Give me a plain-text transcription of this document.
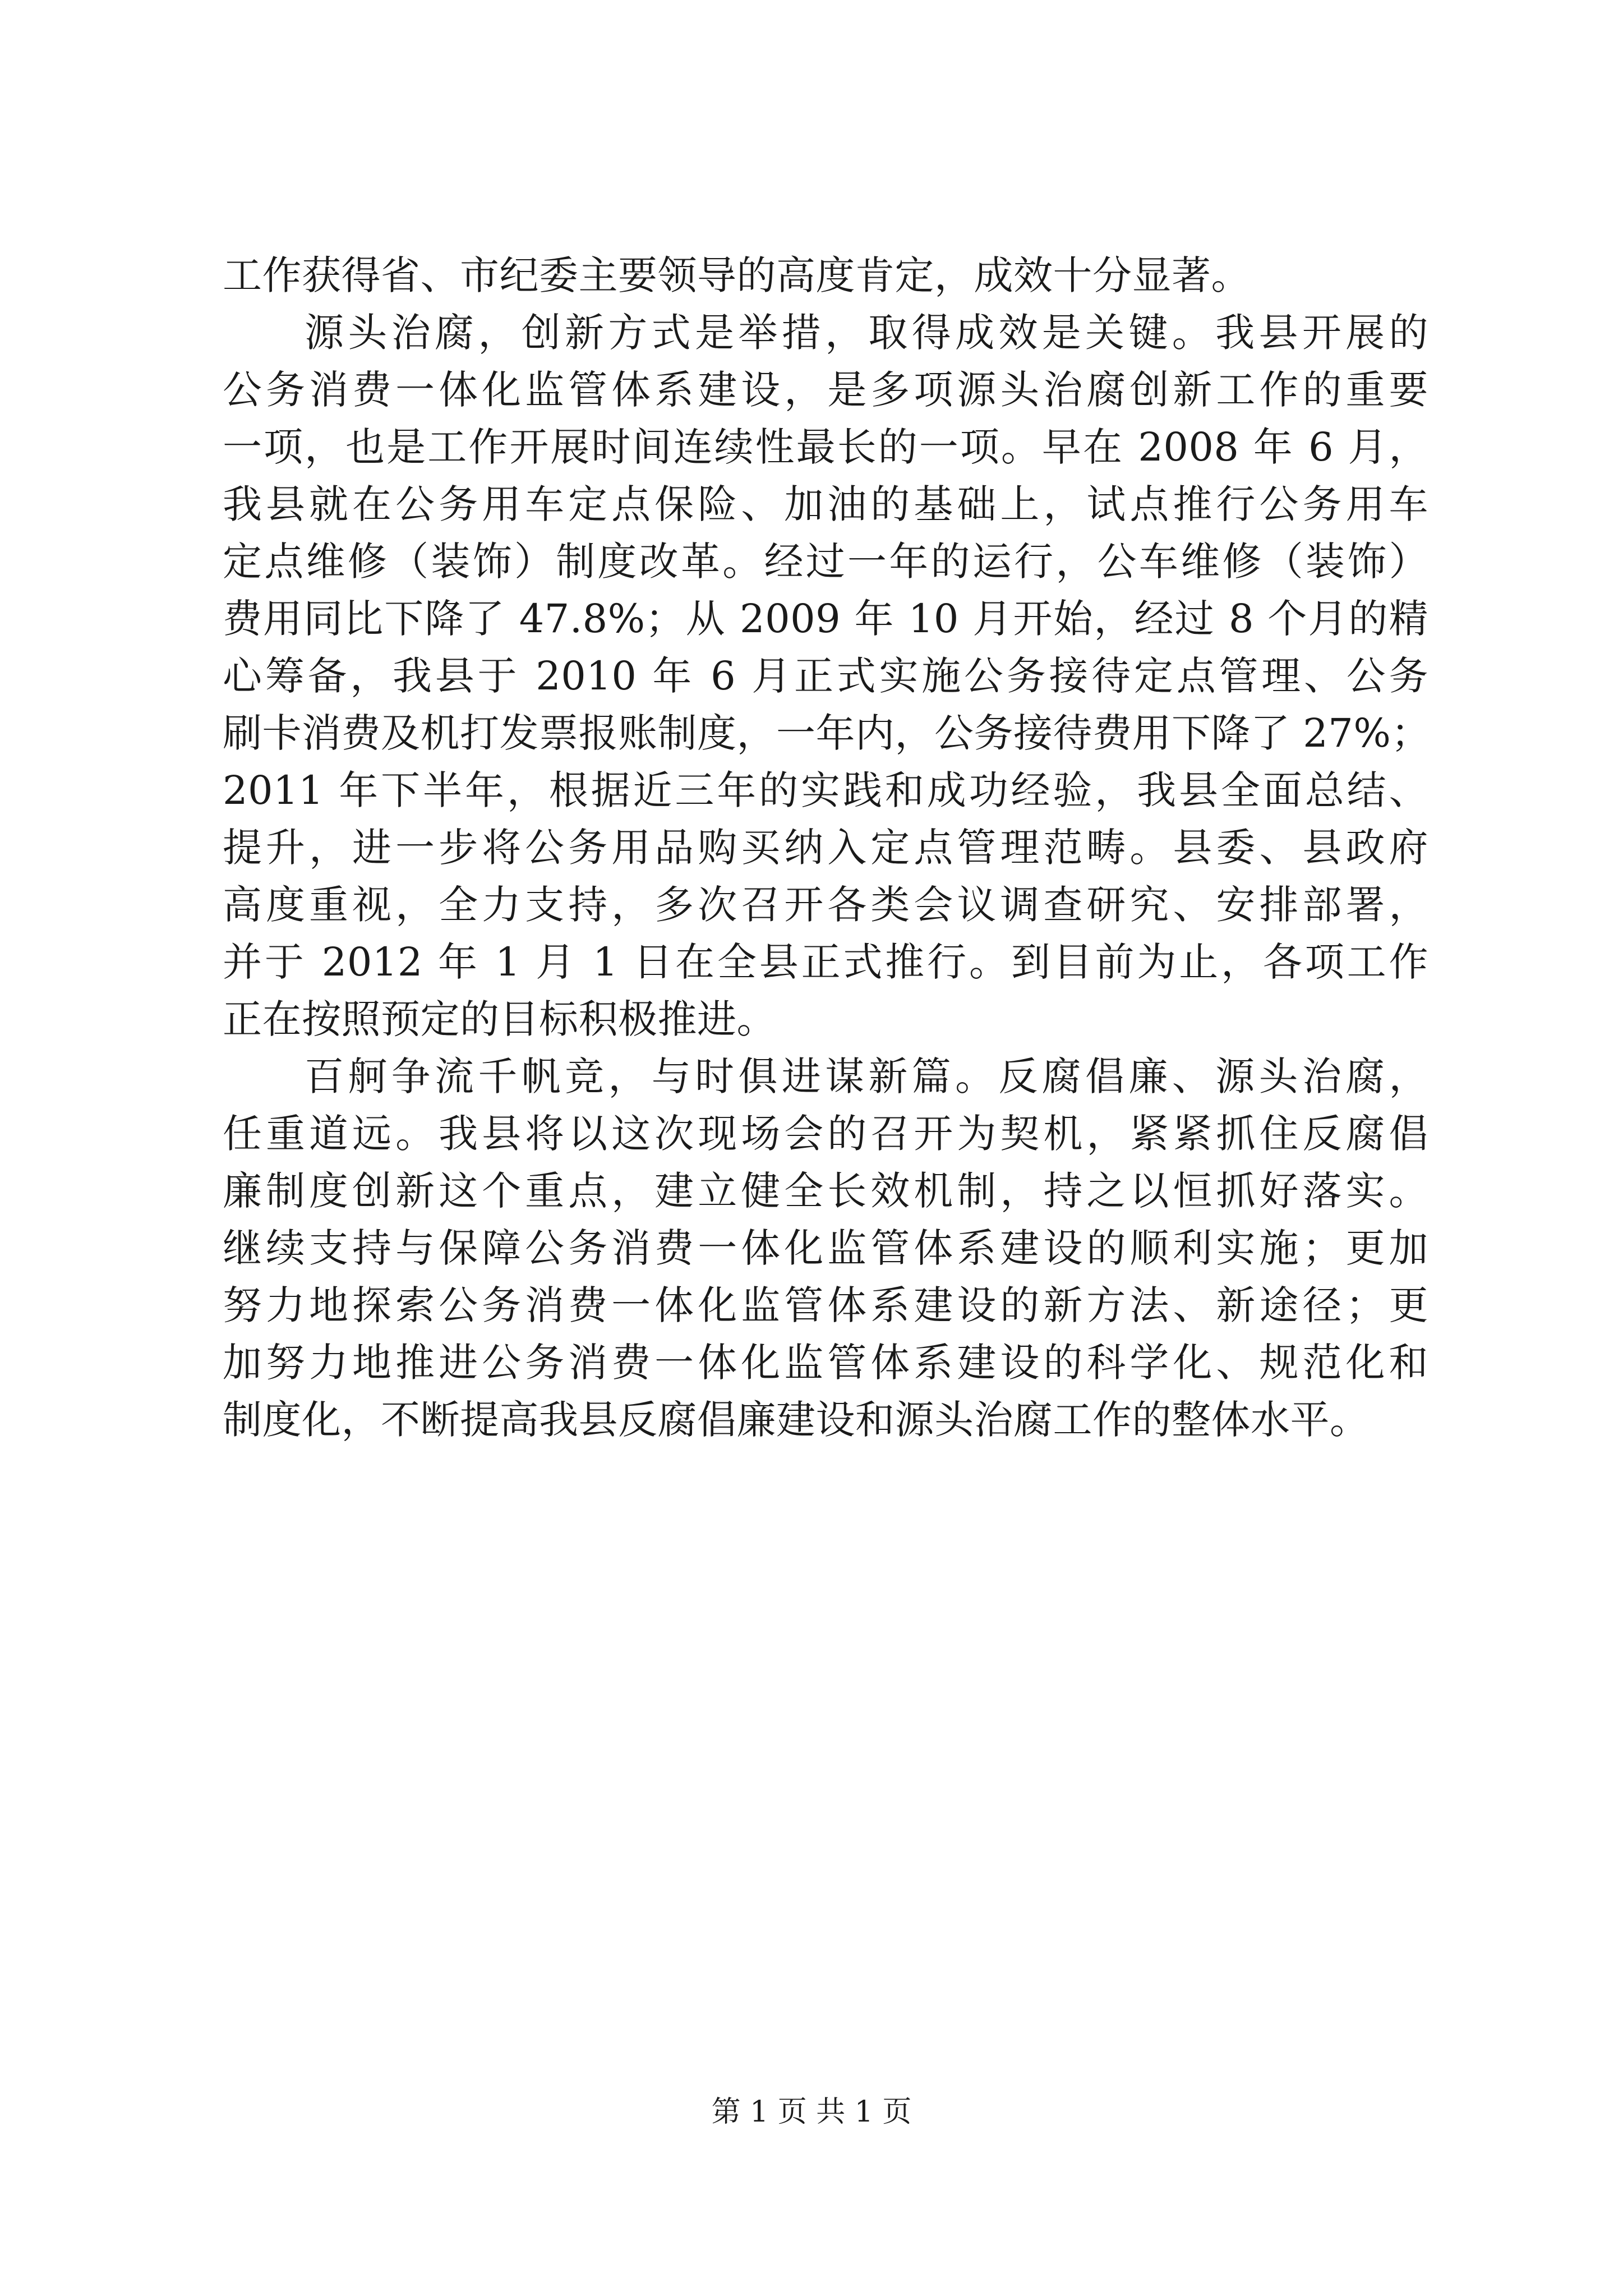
工作获得省、市纪委主要领导的高度肯定，成效十分显著。
源头治腐，创新方式是举措，取得成效是关键。我县开展的
公务消费一体化监管体系建设，是多项源头治腐创新工作的重要
一项，也是工作开展时间连续性最长的一项。早在 2008 年 6 月，
我县就在公务用车定点保险、加油的基础上，试点推行公务用车
定点维修（装饰）制度改革。经过一年的运行，公车维修（装饰）
费用同比下降了 47.8%；从 2009 年 10 月开始，经过 8 个月的精
心筹备，我县于 2010 年 6 月正式实施公务接待定点管理、公务
刷卡消费及机打发票报账制度，一年内，公务接待费用下降了 27%；
2011 年下半年，根据近三年的实践和成功经验，我县全面总结、
提升，进一步将公务用品购买纳入定点管理范畴。县委、县政府
高度重视，全力支持，多次召开各类会议调查研究、安排部署，
并于 2012 年 1 月 1 日在全县正式推行。到目前为止，各项工作
正在按照预定的目标积极推进。
百舸争流千帆竞，与时俱进谋新篇。反腐倡廉、源头治腐，
任重道远。我县将以这次现场会的召开为契机，紧紧抓住反腐倡
廉制度创新这个重点，建立健全长效机制，持之以恒抓好落实。
继续支持与保障公务消费一体化监管体系建设的顺利实施；更加
努力地探索公务消费一体化监管体系建设的新方法、新途径；更
加努力地推进公务消费一体化监管体系建设的科学化、规范化和
制度化，不断提高我县反腐倡廉建设和源头治腐工作的整体水平。
第 1 页 共 1 页
